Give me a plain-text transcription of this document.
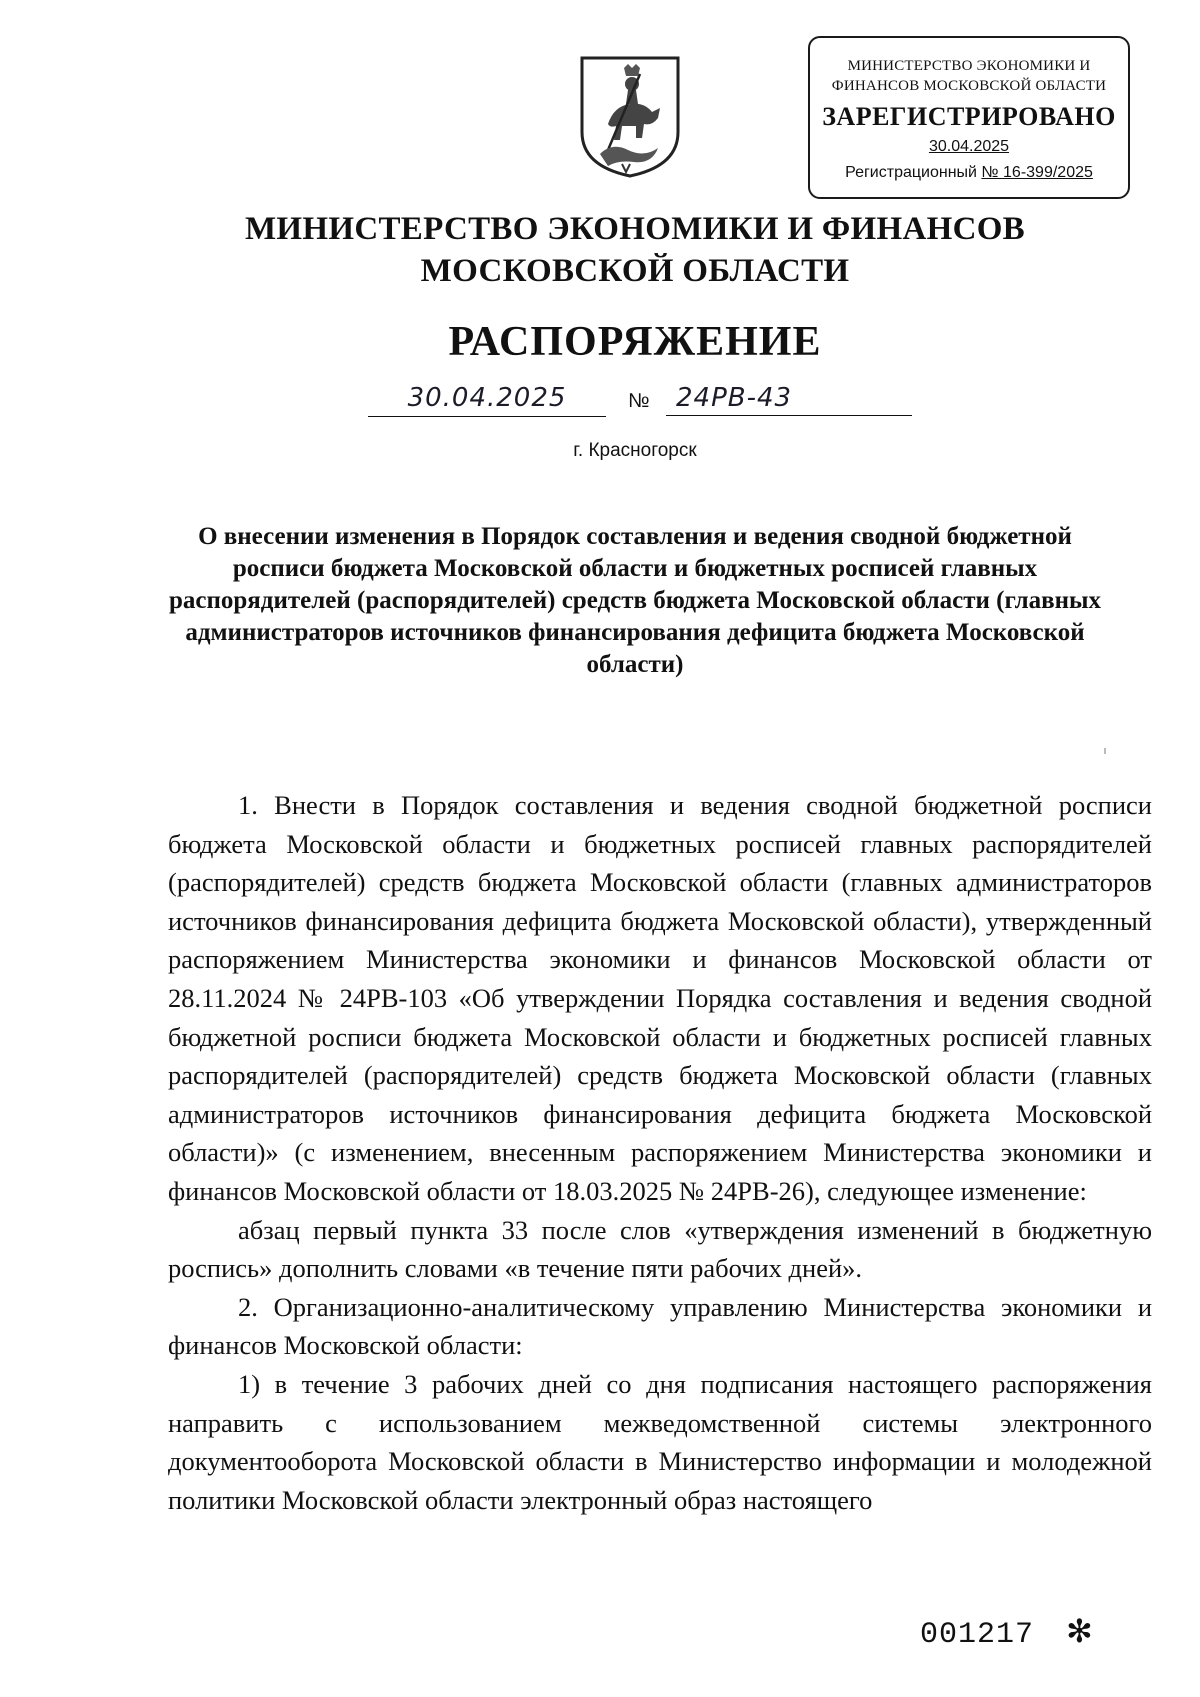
МИНИСТЕРСТВО ЭКОНОМИКИ И ФИНАНСОВ МОСКОВСКОЙ ОБЛАСТИ
ЗАРЕГИСТРИРОВАНО
30.04.2025
Регистрационный № 16-399/2025
МИНИСТЕРСТВО ЭКОНОМИКИ И ФИНАНСОВ
МОСКОВСКОЙ ОБЛАСТИ
РАСПОРЯЖЕНИЕ
30.04.2025	№	24РВ-43
г. Красногорск
О внесении изменения в Порядок составления и ведения сводной бюджетной росписи бюджета Московской области и бюджетных росписей главных распорядителей (распорядителей) средств бюджета Московской области (главных администраторов источников финансирования дефицита бюджета Московской области)

1. Внести в Порядок составления и ведения сводной бюджетной росписи бюджета Московской области и бюджетных росписей главных распорядителей (распорядителей) средств бюджета Московской области (главных администраторов источников финансирования дефицита бюджета Московской области), утвержденный распоряжением Министерства экономики и финансов Московской области от 28.11.2024 № 24РВ-103 «Об утверждении Порядка составления и ведения сводной бюджетной росписи бюджета Московской области и бюджетных росписей главных распорядителей (распорядителей) средств бюджета Московской области (главных администраторов источников финансирования дефицита бюджета Московской области)» (с изменением, внесенным распоряжением Министерства экономики и финансов Московской области от 18.03.2025 № 24РВ-26), следующее изменение:

абзац первый пункта 33 после слов «утверждения изменений в бюджетную роспись» дополнить словами «в течение пяти рабочих дней».

2. Организационно-аналитическому управлению Министерства экономики и финансов Московской области:

1) в течение 3 рабочих дней со дня подписания настоящего распоряжения направить с использованием межведомственной системы электронного документооборота Московской области в Министерство информации и молодежной политики Московской области электронный образ настоящего

001217 ✻
